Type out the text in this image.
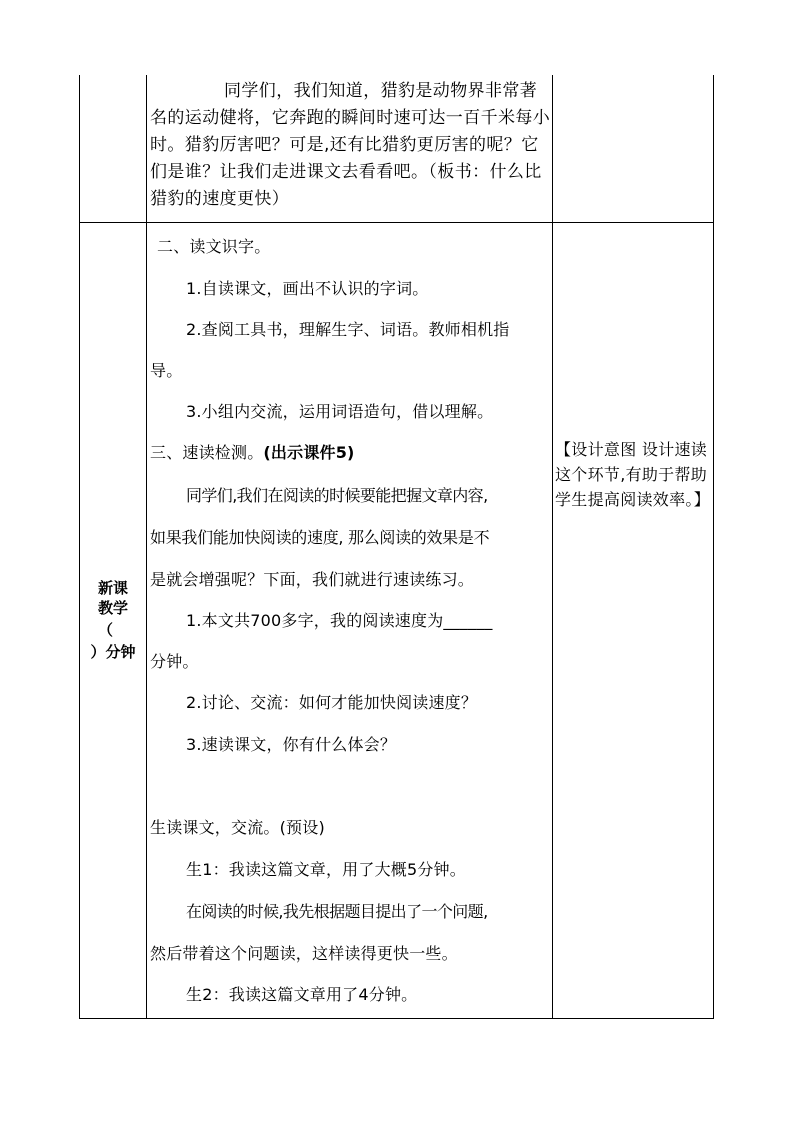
同学们，我们知道，猎豹是动物界非常著名的运动健将，它奔跑的瞬间时速可达一百千米每小时。猎豹厉害吧？可是,还有比猎豹更厉害的呢？它们是谁？让我们走进课文去看看吧。（板书：什么比猎豹的速度更快）
新课
教学
（
）分钟
二、读文识字。
1.自读课文，画出不认识的字词。
2.查阅工具书，理解生字、词语。教师相机指
导。
3.小组内交流，运用词语造句，借以理解。
三、速读检测。(出示课件5)
同学们,我们在阅读的时候要能把握文章内容,
如果我们能加快阅读的速度, 那么阅读的效果是不
是就会增强呢？下面，我们就进行速读练习。
1.本文共700多字，我的阅读速度为______
分钟。
2.讨论、交流：如何才能加快阅读速度？
3.速读课文，你有什么体会？
生读课文，交流。(预设)
生1：我读这篇文章，用了大概5分钟。
在阅读的时候,我先根据题目提出了一个问题,
然后带着这个问题读，这样读得更快一些。
生2：我读这篇文章用了4分钟。
【设计意图 设计速读这个环节,有助于帮助学生提高阅读效率。】
